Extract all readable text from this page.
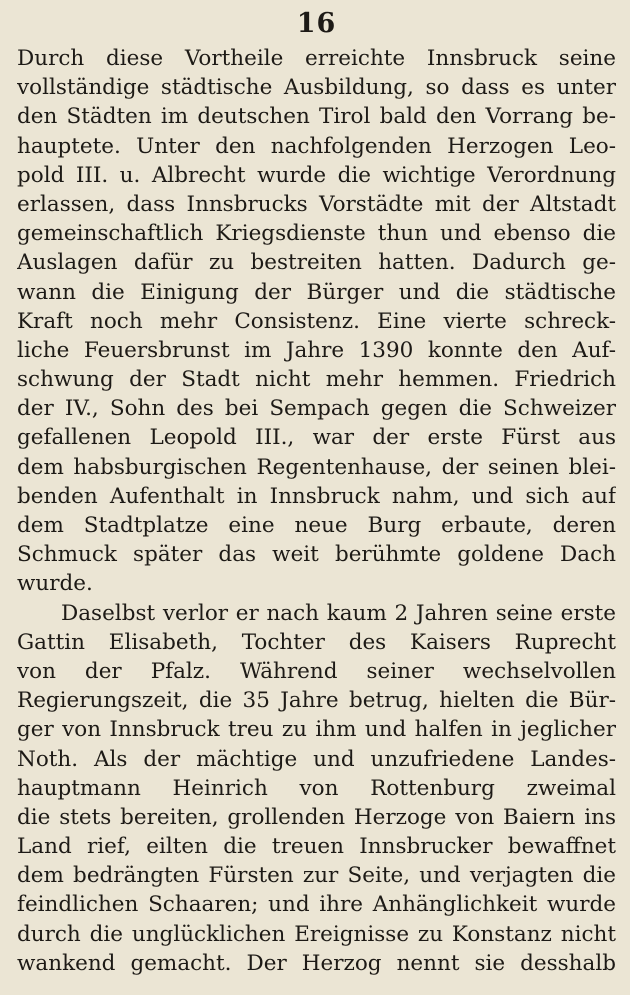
16
Durch diese Vortheile erreichte Innsbruck seine
vollständige städtische Ausbildung, so dass es unter
den Städten im deutschen Tirol bald den Vorrang be-
hauptete. Unter den nachfolgenden Herzogen Leo-
pold III. u. Albrecht wurde die wichtige Verordnung
erlassen, dass Innsbrucks Vorstädte mit der Altstadt
gemeinschaftlich Kriegsdienste thun und ebenso die
Auslagen dafür zu bestreiten hatten. Dadurch ge-
wann die Einigung der Bürger und die städtische
Kraft noch mehr Consistenz. Eine vierte schreck-
liche Feuersbrunst im Jahre 1390 konnte den Auf-
schwung der Stadt nicht mehr hemmen. Friedrich
der IV., Sohn des bei Sempach gegen die Schweizer
gefallenen Leopold III., war der erste Fürst aus
dem habsburgischen Regentenhause, der seinen blei-
benden Aufenthalt in Innsbruck nahm, und sich auf
dem Stadtplatze eine neue Burg erbaute, deren
Schmuck später das weit berühmte goldene Dach
wurde.
Daselbst verlor er nach kaum 2 Jahren seine erste
Gattin Elisabeth, Tochter des Kaisers Ruprecht
von der Pfalz. Während seiner wechselvollen
Regierungszeit, die 35 Jahre betrug, hielten die Bür-
ger von Innsbruck treu zu ihm und halfen in jeglicher
Noth. Als der mächtige und unzufriedene Landes-
hauptmann Heinrich von Rottenburg zweimal
die stets bereiten, grollenden Herzoge von Baiern ins
Land rief, eilten die treuen Innsbrucker bewaffnet
dem bedrängten Fürsten zur Seite, und verjagten die
feindlichen Schaaren; und ihre Anhänglichkeit wurde
durch die unglücklichen Ereignisse zu Konstanz nicht
wankend gemacht. Der Herzog nennt sie desshalb
